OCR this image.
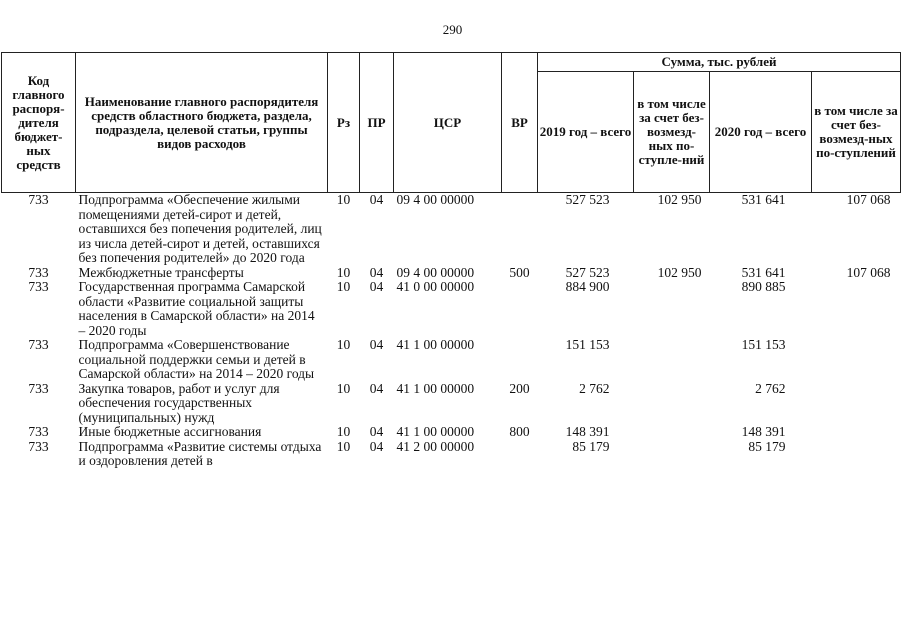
290
Код главного распоря-дителя бюджет-ных средств	Наименование главного распорядителя средств областного бюджета, раздела, подраздела, целевой статьи, группы видов расходов	Рз	ПР	ЦСР	ВР	Сумма, тыс. рублей			
						2019 год – всего	в том числе за счет без-возмезд-ных по-ступле-ний	2020 год – всего	в том числе за счет без-возмезд-ных по-ступлений
733	Подпрограмма «Обеспечение жилыми помещениями детей-сирот и детей, оставшихся без попечения родителей, лиц из числа детей-сирот и детей, оставшихся без попечения родителей» до 2020 года	10	04	09 4 00 00000		527 523	102 950	531 641	107 068
733	Межбюджетные трансферты	10	04	09 4 00 00000	500	527 523	102 950	531 641	107 068
733	Государственная программа Самарской области «Развитие социальной защиты населения в Самарской области» на 2014 – 2020 годы	10	04	41 0 00 00000		884 900		890 885	
733	Подпрограмма «Совершенствование социальной поддержки семьи и детей в Самарской области» на 2014 – 2020 годы	10	04	41 1 00 00000		151 153		151 153	
733	Закупка товаров, работ и услуг для обеспечения государственных (муниципальных) нужд	10	04	41 1 00 00000	200	2 762		2 762	
733	Иные бюджетные ассигнования	10	04	41 1 00 00000	800	148 391		148 391	
733	Подпрограмма «Развитие системы отдыха и оздоровления детей в	10	04	41 2 00 00000		85 179		85 179	
